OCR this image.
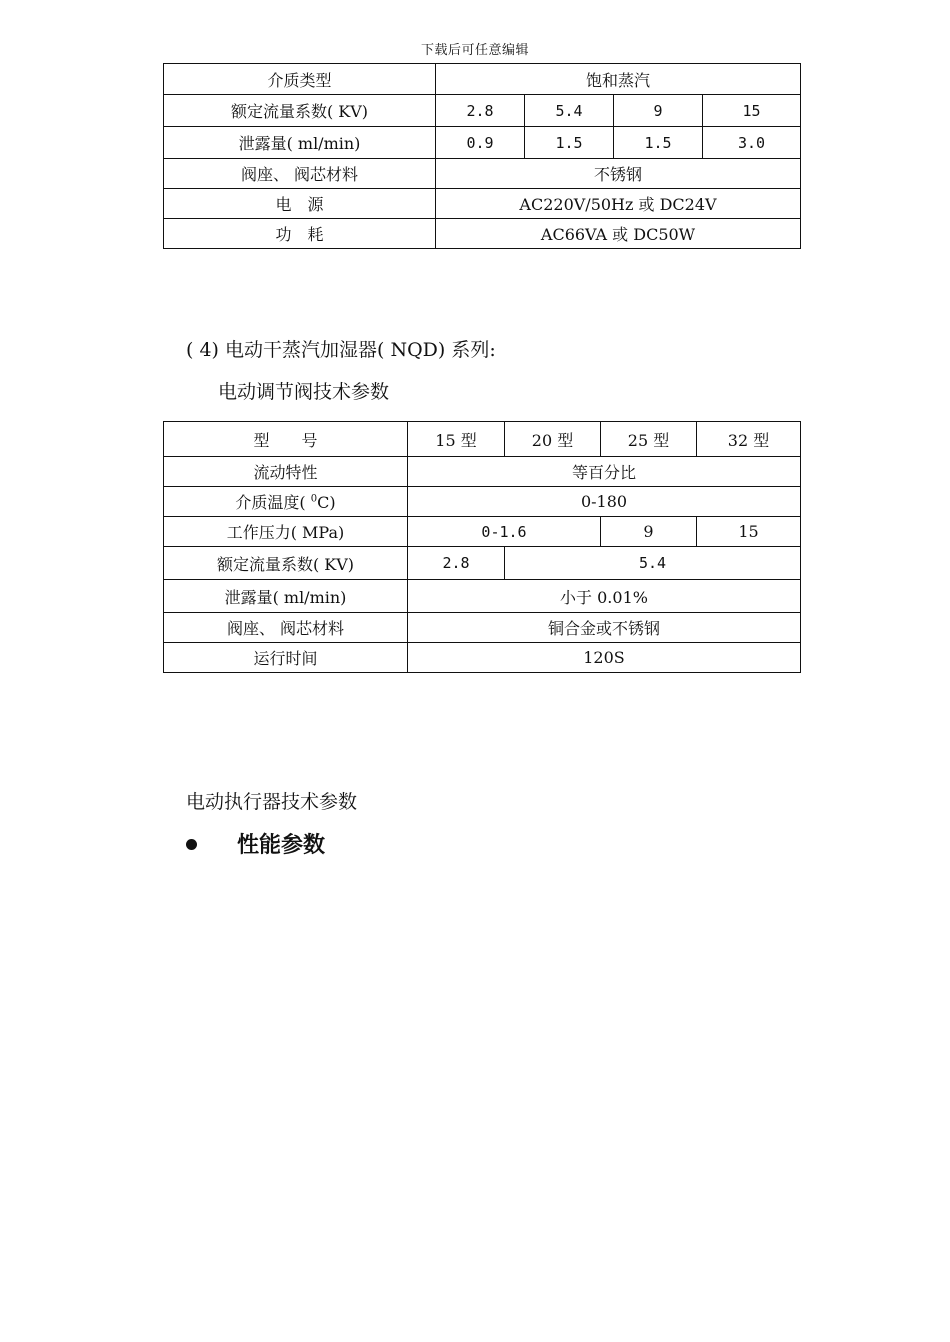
下载后可任意编辑
介质类型	饱和蒸汽			
额定流量系数( KV)	2.8	5.4	9	15
泄露量( ml/min)	0.9	1.5	1.5	3.0
阀座、 阀芯材料	不锈钢			
电　源	AC220V/50Hz 或 DC24V			
功　耗	AC66VA 或 DC50W			
( 4) 电动干蒸汽加湿器( NQD) 系列:
电动调节阀技术参数
型　　号	15 型	20 型	25 型	32 型
流动特性	等百分比			
介质温度( $^0$C)	0-180			
工作压力( MPa)	0-1.6		9	15
额定流量系数( KV)	2.8	5.4		
泄露量( ml/min)	小于 0.01%			
阀座、 阀芯材料	铜合金或不锈钢			
运行时间	120S			
电动执行器技术参数
性能参数
